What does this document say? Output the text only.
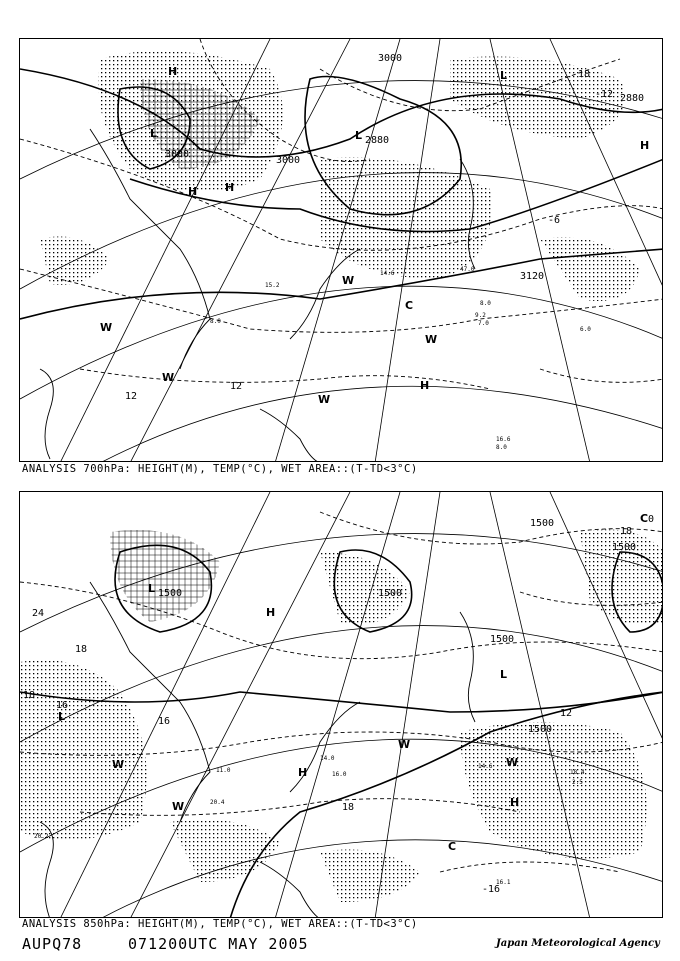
3000
3000
3000
2880
2880
3120
-12
12
12
18
-6
H
L
H
L
H
H
L
W
W
W
W
C
W
H
8.0
9.2
7.0
6.0
15.2
14.6
16.6
8.0
47.0
8.0
ANALYSIS 700hPa: HEIGHT(M), TEMP(°C), WET AREA::(T-TD<3°C)
1500	1500
1500
1500
1500
1500
24
18
18
16
18
-16
0
18
16
12
L
H
L
W
W
W
W
H
C
C
L
H	14.6
18.4
2.5
11.0
20.4
14.0
16.0
16.1
20.2
ANALYSIS 850hPa: HEIGHT(M), TEMP(°C), WET AREA::(T-TD<3°C)
AUPQ78	071200UTC MAY 2005	Japan Meteorological Agency
